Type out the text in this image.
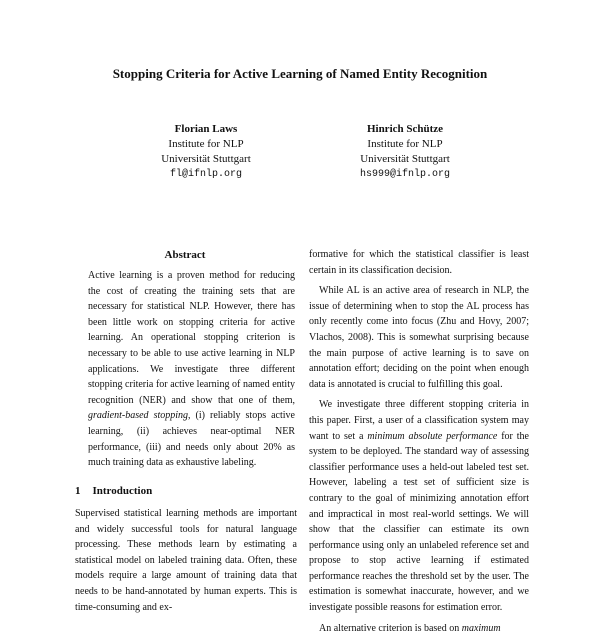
Stopping Criteria for Active Learning of Named Entity Recognition
Florian Laws
Institute for NLP
Universität Stuttgart
fl@ifnlp.org
Hinrich Schütze
Institute for NLP
Universität Stuttgart
hs999@ifnlp.org
Abstract

Active learning is a proven method for reducing the cost of creating the training sets that are necessary for statistical NLP. However, there has been little work on stopping criteria for active learning. An operational stopping criterion is necessary to be able to use active learning in NLP applications. We investigate three different stopping criteria for active learning of named entity recognition (NER) and show that one of them, gradient-based stopping, (i) reliably stops active learning, (ii) achieves near-optimal NER performance, (iii) and needs only about 20% as much training data as exhaustive labeling.

1 Introduction

Supervised statistical learning methods are important and widely successful tools for natural language processing. These methods learn by estimating a statistical model on labeled training data. Often, these models require a large amount of training data that needs to be hand-annotated by human experts. This is time-consuming and ex-

formative for which the statistical classifier is least certain in its classification decision.

While AL is an active area of research in NLP, the issue of determining when to stop the AL process has only recently come into focus (Zhu and Hovy, 2007; Vlachos, 2008). This is somewhat surprising because the main purpose of active learning is to save on annotation effort; deciding on the point when enough data is annotated is crucial to fulfilling this goal.

We investigate three different stopping criteria in this paper. First, a user of a classification system may want to set a minimum absolute performance for the system to be deployed. The standard way of assessing classifier performance uses a held-out labeled test set. However, labeling a test set of sufficient size is contrary to the goal of minimizing annotation effort and impractical in most real-world settings. We will show that the classifier can estimate its own performance using only an unlabeled reference set and propose to stop active learning if estimated performance reaches the threshold set by the user. The estimation is somewhat inaccurate, however, and we investigate possible reasons for estimation error.

An alternative criterion is based on maximum
